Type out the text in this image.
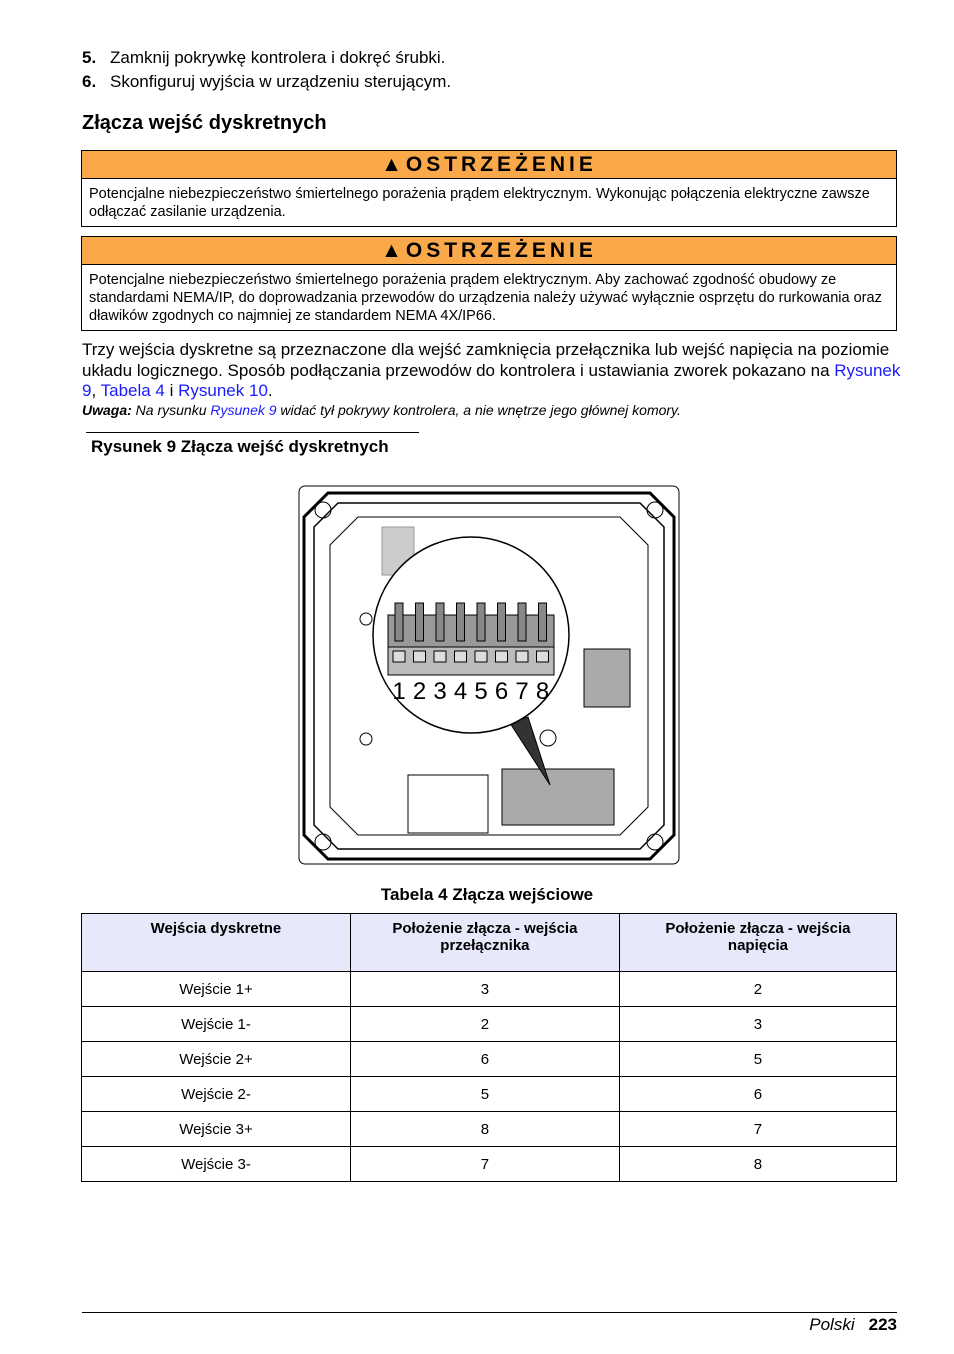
5. Zamknij pokrywkę kontrolera i dokręć śrubki.
6. Skonfiguruj wyjścia w urządzeniu sterującym.
Złącza wejść dyskretnych
▲OSTRZEŻENIE
Potencjalne niebezpieczeństwo śmiertelnego porażenia prądem elektrycznym. Wykonując połączenia elektryczne zawsze odłączać zasilanie urządzenia.
▲OSTRZEŻENIE
Potencjalne niebezpieczeństwo śmiertelnego porażenia prądem elektrycznym. Aby zachować zgodność obudowy ze standardami NEMA/IP, do doprowadzania przewodów do urządzenia należy używać wyłącznie osprzętu do rurkowania oraz dławików zgodnych co najmniej ze standardem NEMA 4X/IP66.
Trzy wejścia dyskretne są przeznaczone dla wejść zamknięcia przełącznika lub wejść napięcia na poziomie układu logicznego. Sposób podłączania przewodów do kontrolera i ustawiania zworek pokazano na Rysunek 9, Tabela 4 i Rysunek 10.
Uwaga: Na rysunku Rysunek 9 widać tył pokrywy kontrolera, a nie wnętrze jego głównej komory.
Rysunek 9 Złącza wejść dyskretnych
1 2 3 4 5 6 7 8
Tabela 4 Złącza wejściowe
Wejścia dyskretne	Położenie złącza - wejścia przełącznika	Położenie złącza - wejścia napięcia
Wejście 1+	3	2
Wejście 1-	2	3
Wejście 2+	6	5
Wejście 2-	5	6
Wejście 3+	8	7
Wejście 3-	7	8
Polski 223
